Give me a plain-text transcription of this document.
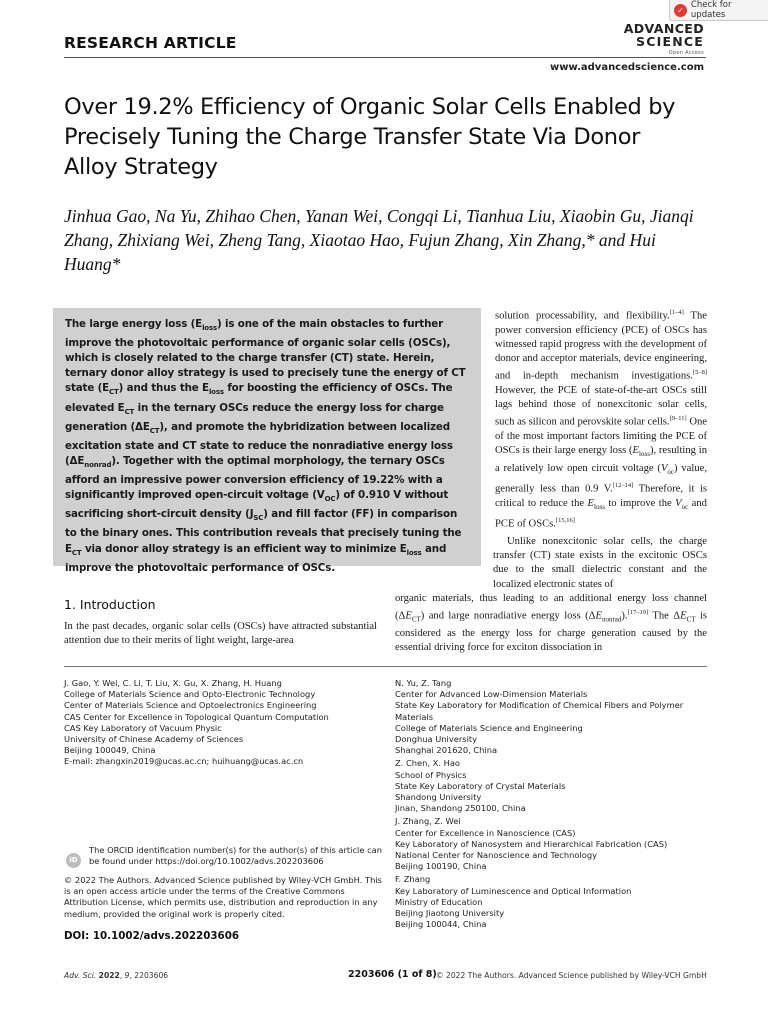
RESEARCH ARTICLE
ADVANCED
SCIENCE
Open Access
www.advancedscience.com
✓ Check for updates
Over 19.2% Efficiency of Organic Solar Cells Enabled by Precisely Tuning the Charge Transfer State Via Donor Alloy Strategy
Jinhua Gao, Na Yu, Zhihao Chen, Yanan Wei, Congqi Li, Tianhua Liu, Xiaobin Gu, Jianqi Zhang, Zhixiang Wei, Zheng Tang, Xiaotao Hao, Fujun Zhang, Xin Zhang,* and Hui Huang*
The large energy loss $(E_{loss})$ is one of the main obstacles to further improve the photovoltaic performance of organic solar cells (OSCs), which is closely related to the charge transfer (CT) state. Herein, ternary donor alloy strategy is used to precisely tune the energy of CT state $(E_{CT})$ and thus the $E_{loss}$ for boosting the efficiency of OSCs. The elevated $E_{CT}$ in the ternary OSCs reduce the energy loss for charge generation $(\Delta E_{CT})$, and promote the hybridization between localized excitation state and CT state to reduce the nonradiative energy loss $(\Delta E_{nonrad})$. Together with the optimal morphology, the ternary OSCs afford an impressive power conversion efficiency of 19.22% with a significantly improved open-circuit voltage $(V_{OC})$ of 0.910 V without sacrificing short-circuit density $(J_{SC})$ and fill factor (FF) in comparison to the binary ones. This contribution reveals that precisely tuning the $E_{CT}$ via donor alloy strategy is an efficient way to minimize $E_{loss}$ and improve the photovoltaic performance of OSCs.
solution processability, and flexibility.[1–4] The power conversion efficiency (PCE) of OSCs has witnessed rapid progress with the development of donor and acceptor materials, device engineering, and in-depth mechanism investigations.[5–8] However, the PCE of state-of-the-art OSCs still lags behind those of nonexcitonic solar cells, such as silicon and perovskite solar cells.[9–11] One of the most important factors limiting the PCE of OSCs is their large energy loss $(E_{loss})$, resulting in a relatively low open circuit voltage $(V_{oc})$ value, generally less than 0.9 V.[12–14] Therefore, it is critical to reduce the $E_{loss}$ to improve the $V_{oc}$ and PCE of OSCs.[15,16]
Unlike nonexcitonic solar cells, the charge transfer (CT) state exists in the excitonic OSCs due to the small dielectric constant and the localized electronic states of
organic materials, thus leading to an additional energy loss channel $(\Delta E_{CT})$ and large nonradiative energy loss $(\Delta E_{nonrad}).[17-19]$ The $\Delta E_{CT}$ is considered as the energy loss for charge generation caused by the essential driving force for exciton dissociation in
1. Introduction
In the past decades, organic solar cells (OSCs) have attracted substantial attention due to their merits of light weight, large-area
J. Gao, Y. Wei, C. Li, T. Liu, X. Gu, X. Zhang, H. Huang
College of Materials Science and Opto-Electronic Technology
Center of Materials Science and Optoelectronics Engineering
CAS Center for Excellence in Topological Quantum Computation
CAS Key Laboratory of Vacuum Physic
University of Chinese Academy of Sciences
Beijing 100049, China
E-mail: zhangxin2019@ucas.ac.cn; huihuang@ucas.ac.cn
N. Yu, Z. Tang
Center for Advanced Low-Dimension Materials
State Key Laboratory for Modification of Chemical Fibers and Polymer Materials
College of Materials Science and Engineering
Donghua University
Shanghai 201620, China
Z. Chen, X. Hao
School of Physics
State Key Laboratory of Crystal Materials
Shandong University
Jinan, Shandong 250100, China
J. Zhang, Z. Wei
Center for Excellence in Nanoscience (CAS)
Key Laboratory of Nanosystem and Hierarchical Fabrication (CAS)
National Center for Nanoscience and Technology
Beijing 100190, China
F. Zhang
Key Laboratory of Luminescence and Optical Information
Ministry of Education
Beijing Jiaotong University
Beijing 100044, China
iD
The ORCID identification number(s) for the author(s) of this article can be found under https://doi.org/10.1002/advs.202203606
© 2022 The Authors. Advanced Science published by Wiley-VCH GmbH. This is an open access article under the terms of the Creative Commons Attribution License, which permits use, distribution and reproduction in any medium, provided the original work is properly cited.
DOI: 10.1002/advs.202203606
Adv. Sci. 2022, 9, 2203606	2203606 (1 of 8) © 2022 The Authors. Advanced Science published by Wiley-VCH GmbH
